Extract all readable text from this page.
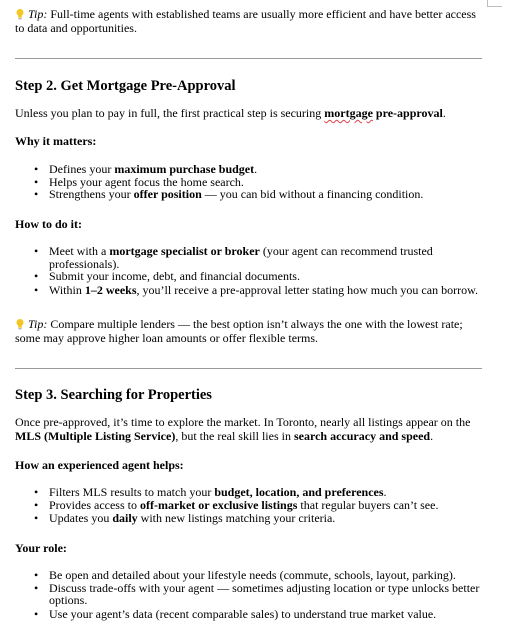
Tip: Full-time agents with established teams are usually more efficient and have better access to data and opportunities.

Step 2. Get Mortgage Pre-Approval

Unless you plan to pay in full, the first practical step is securing mortgage pre-approval.

Why it matters:
• Defines your maximum purchase budget.
• Helps your agent focus the home search.
• Strengthens your offer position — you can bid without a financing condition.
How to do it:
• Meet with a mortgage specialist or broker (your agent can recommend trusted professionals).
• Submit your income, debt, and financial documents.
• Within 1–2 weeks, you’ll receive a pre-approval letter stating how much you can borrow.

Tip: Compare multiple lenders — the best option isn’t always the one with the lowest rate; some may approve higher loan amounts or offer flexible terms.

Step 3. Searching for Properties

Once pre-approved, it’s time to explore the market. In Toronto, nearly all listings appear on the MLS (Multiple Listing Service), but the real skill lies in search accuracy and speed.

How an experienced agent helps:
• Filters MLS results to match your budget, location, and preferences.
• Provides access to off-market or exclusive listings that regular buyers can’t see.
• Updates you daily with new listings matching your criteria.
Your role:
• Be open and detailed about your lifestyle needs (commute, schools, layout, parking).
• Discuss trade-offs with your agent — sometimes adjusting location or type unlocks better options.
• Use your agent’s data (recent comparable sales) to understand true market value.
